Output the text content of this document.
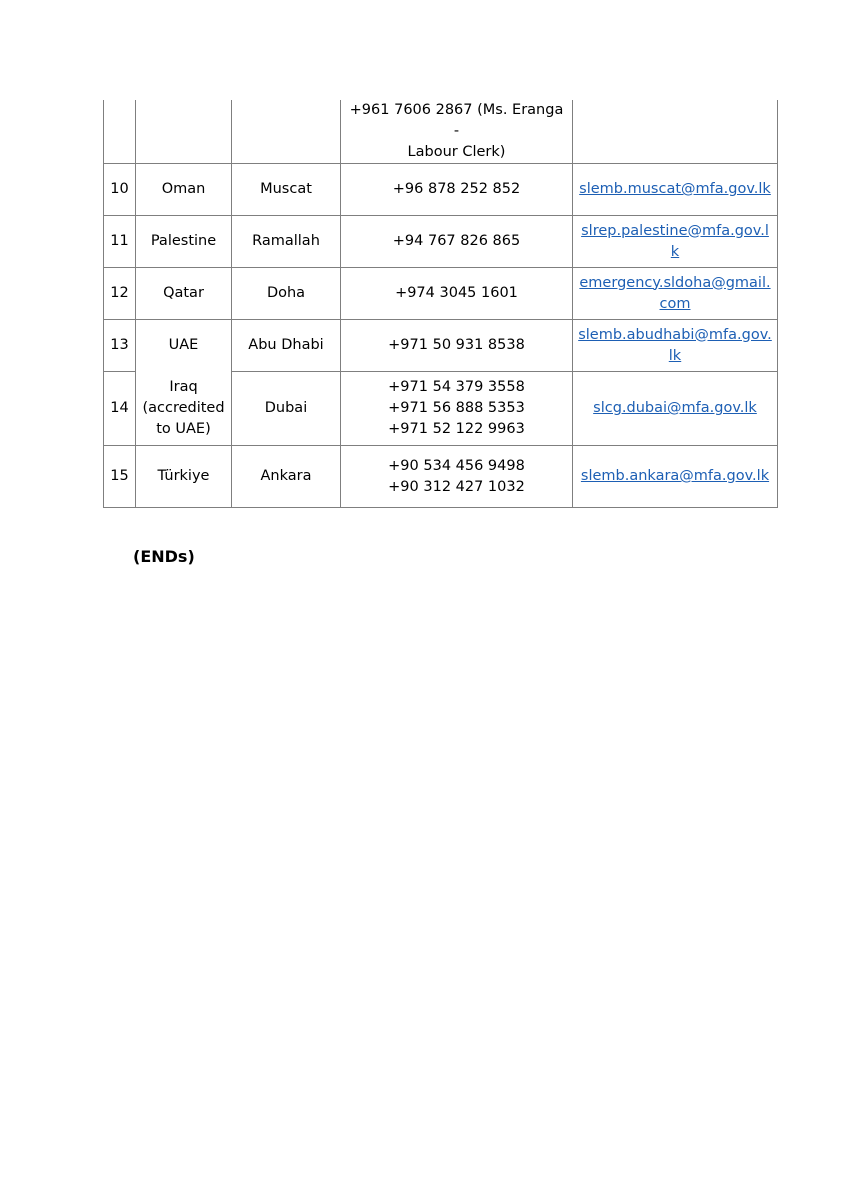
			+961 7606 2867 (Ms. Eranga -
Labour Clerk)	

10	Oman	Muscat	+96 878 252 852	slemb.muscat@mfa.gov.lk
11	Palestine	Ramallah	+94 767 826 865	slrep.palestine@mfa.gov.lk
12	Qatar	Doha	+974 3045 1601	emergency.sldoha@gmail.com
13	UAE	Abu Dhabi	+971 50 931 8538	slemb.abudhabi@mfa.gov.lk
14	Iraq (accredited to UAE)	Dubai	+971 54 379 3558
+971 56 888 5353
+971 52 122 9963	slcg.dubai@mfa.gov.lk
15	Türkiye	Ankara	+90 534 456 9498
+90 312 427 1032	slemb.ankara@mfa.gov.lk
(ENDs)
